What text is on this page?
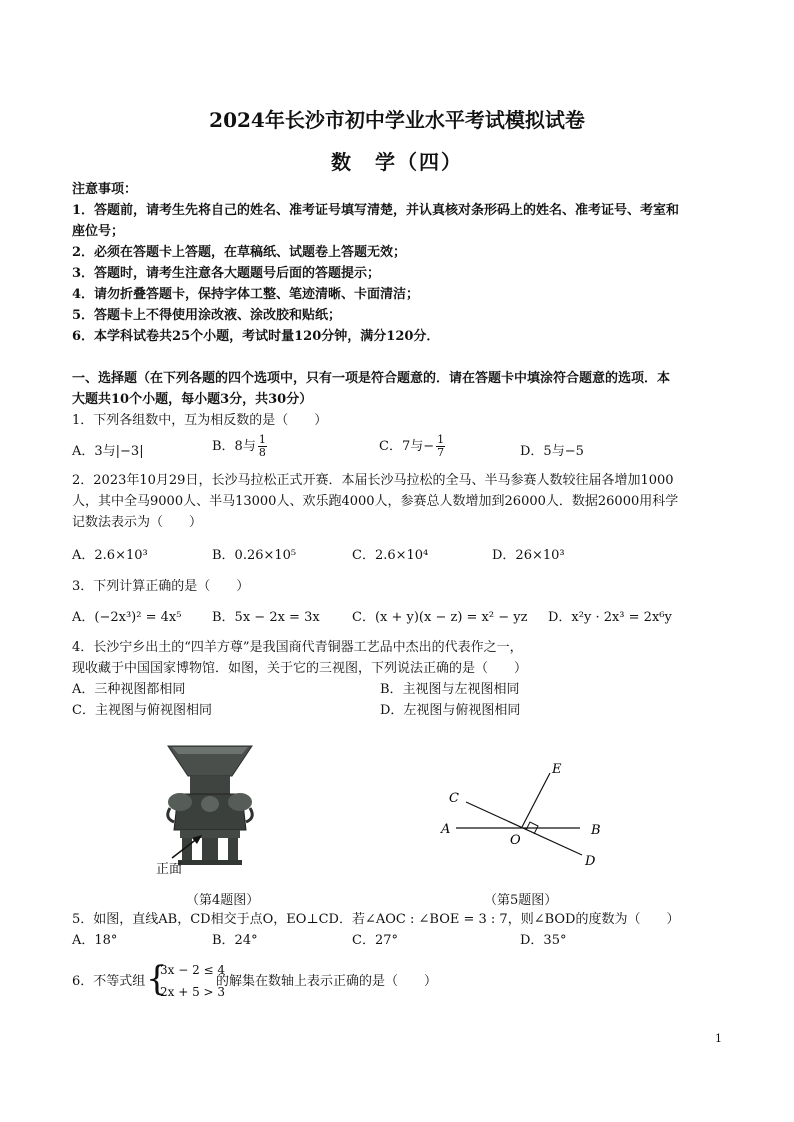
2024年长沙市初中学业水平考试模拟试卷
数　学（四）
注意事项：
1．答题前，请考生先将自己的姓名、准考证号填写清楚，并认真核对条形码上的姓名、准考证号、考室和
座位号；
2．必须在答题卡上答题，在草稿纸、试题卷上答题无效；
3．答题时，请考生注意各大题题号后面的答题提示；
4．请勿折叠答题卡，保持字体工整、笔迹清晰、卡面清洁；
5．答题卡上不得使用涂改液、涂改胶和贴纸；
6．本学科试卷共25个小题，考试时量120分钟，满分120分．
一、选择题（在下列各题的四个选项中，只有一项是符合题意的．请在答题卡中填涂符合题意的选项．本
大题共10个小题，每小题3分，共30分）
1．下列各组数中，互为相反数的是（　　）
A．3与|−3|	B．8与 $\frac{1}{8}$	C．7与− $\frac{1}{7}$	D．5与−5
2．2023年10月29日，长沙马拉松正式开赛．本届长沙马拉松的全马、半马参赛人数较往届各增加1000
人，其中全马9000人、半马13000人、欢乐跑4000人，参赛总人数增加到26000人．数据26000用科学
记数法表示为（　　）
A．2.6×10³	B．0.26×10⁵	C．2.6×10⁴	D．26×10³
3．下列计算正确的是（　　）
A．(−2x³)² = 4x⁵ B．5x − 2x = 3x C．(x + y)(x − z) = x² − yz D．x²y · 2x³ = 2x⁶y
4．长沙宁乡出土的“四羊方尊”是我国商代青铜器工艺品中杰出的代表作之一，
现收藏于中国国家博物馆．如图，关于它的三视图，下列说法正确的是（　　）
A．三种视图都相同	B．主视图与左视图相同
C．主视图与俯视图相同	D．左视图与俯视图相同
正面
（第4题图）
E
C
A	B
O
D
（第5题图）
5．如图，直线AB，CD相交于点O，EO⊥CD．若∠AOC : ∠BOE = 3 : 7，则∠BOD的度数为（　　）
A．18°	B．24°	C．27°	D．35°
6．不等式组 {
3x − 2 ≤ 4
2x + 5 > 3
的解集在数轴上表示正确的是（　　）
1
